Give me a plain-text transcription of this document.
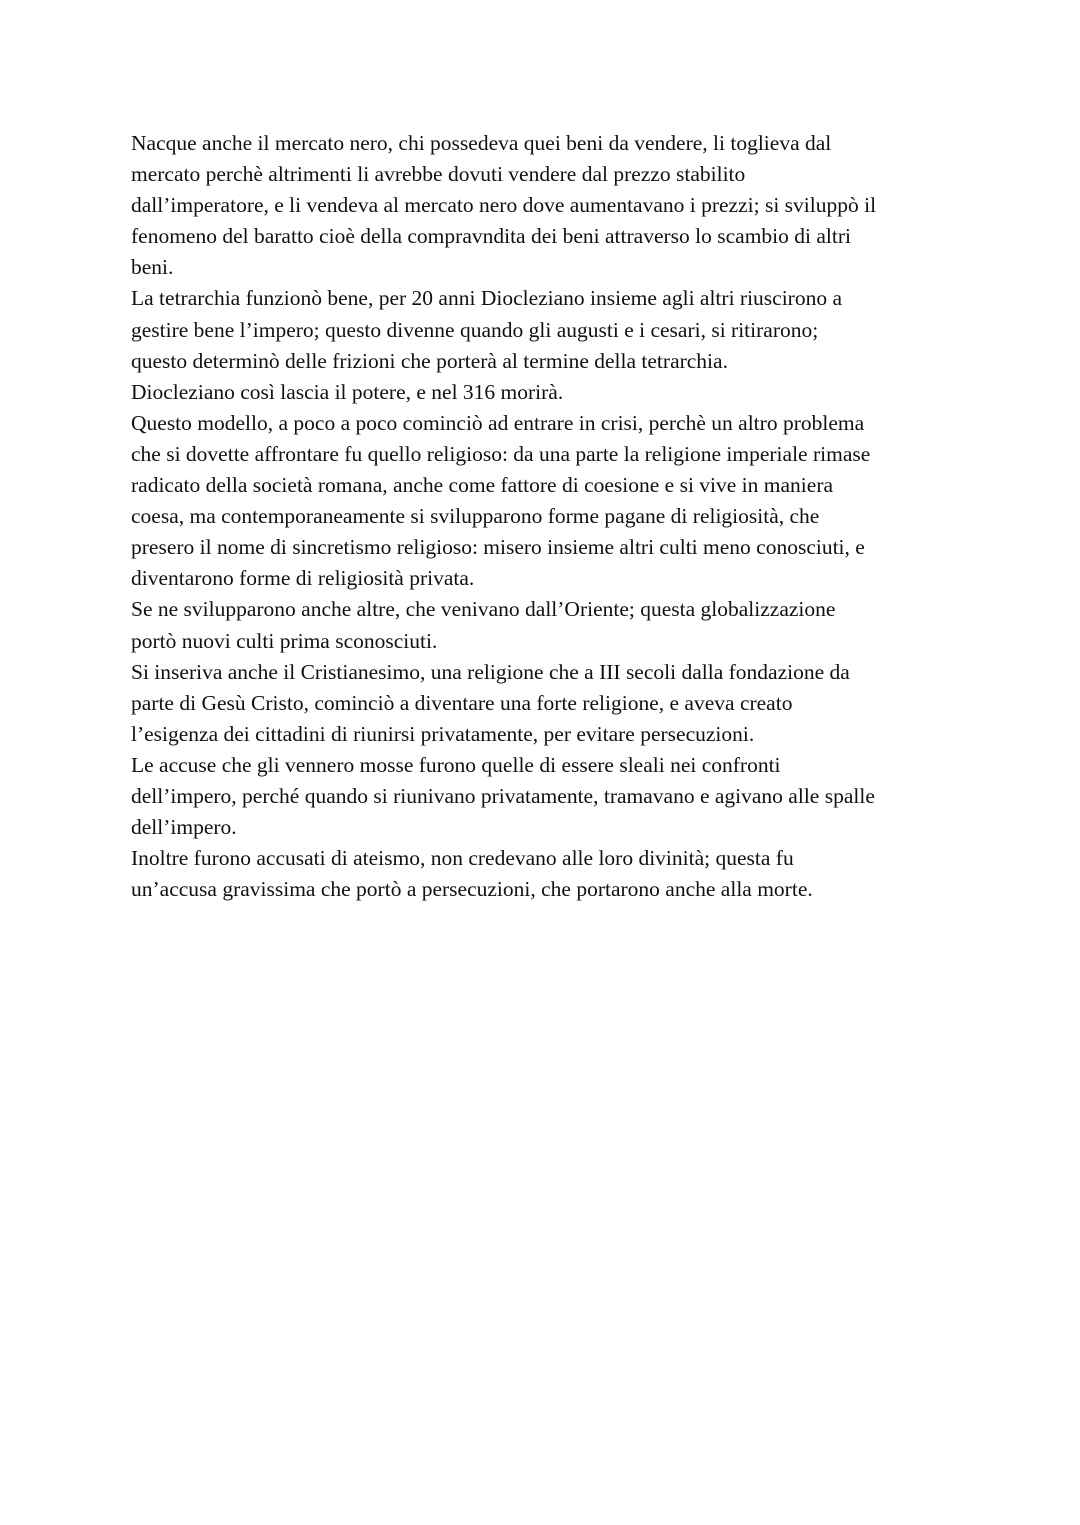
Nacque anche il mercato nero, chi possedeva quei beni da vendere, li toglieva dal
mercato perchè altrimenti li avrebbe dovuti vendere dal prezzo stabilito
dall’imperatore, e li vendeva al mercato nero dove aumentavano i prezzi; si sviluppò il
fenomeno del baratto cioè della compravndita dei beni attraverso lo scambio di altri
beni.
La tetrarchia funzionò bene, per 20 anni Diocleziano insieme agli altri riuscirono a
gestire bene l’impero; questo divenne quando gli augusti e i cesari, si ritirarono;
questo determinò delle frizioni che porterà al termine della tetrarchia.
Diocleziano così lascia il potere, e nel 316 morirà.
Questo modello, a poco a poco cominciò ad entrare in crisi, perchè un altro problema
che si dovette affrontare fu quello religioso: da una parte la religione imperiale rimase
radicato della società romana, anche come fattore di coesione e si vive in maniera
coesa, ma contemporaneamente si svilupparono forme pagane di religiosità, che
presero il nome di sincretismo religioso: misero insieme altri culti meno conosciuti, e
diventarono forme di religiosità privata.
Se ne svilupparono anche altre, che venivano dall’Oriente; questa globalizzazione
portò nuovi culti prima sconosciuti.
Si inseriva anche il Cristianesimo, una religione che a III secoli dalla fondazione da
parte di Gesù Cristo, cominciò a diventare una forte religione, e aveva creato
l’esigenza dei cittadini di riunirsi privatamente, per evitare persecuzioni.
Le accuse che gli vennero mosse furono quelle di essere sleali nei confronti
dell’impero, perché quando si riunivano privatamente, tramavano e agivano alle spalle
dell’impero.
Inoltre furono accusati di ateismo, non credevano alle loro divinità; questa fu
un’accusa gravissima che portò a persecuzioni, che portarono anche alla morte.
